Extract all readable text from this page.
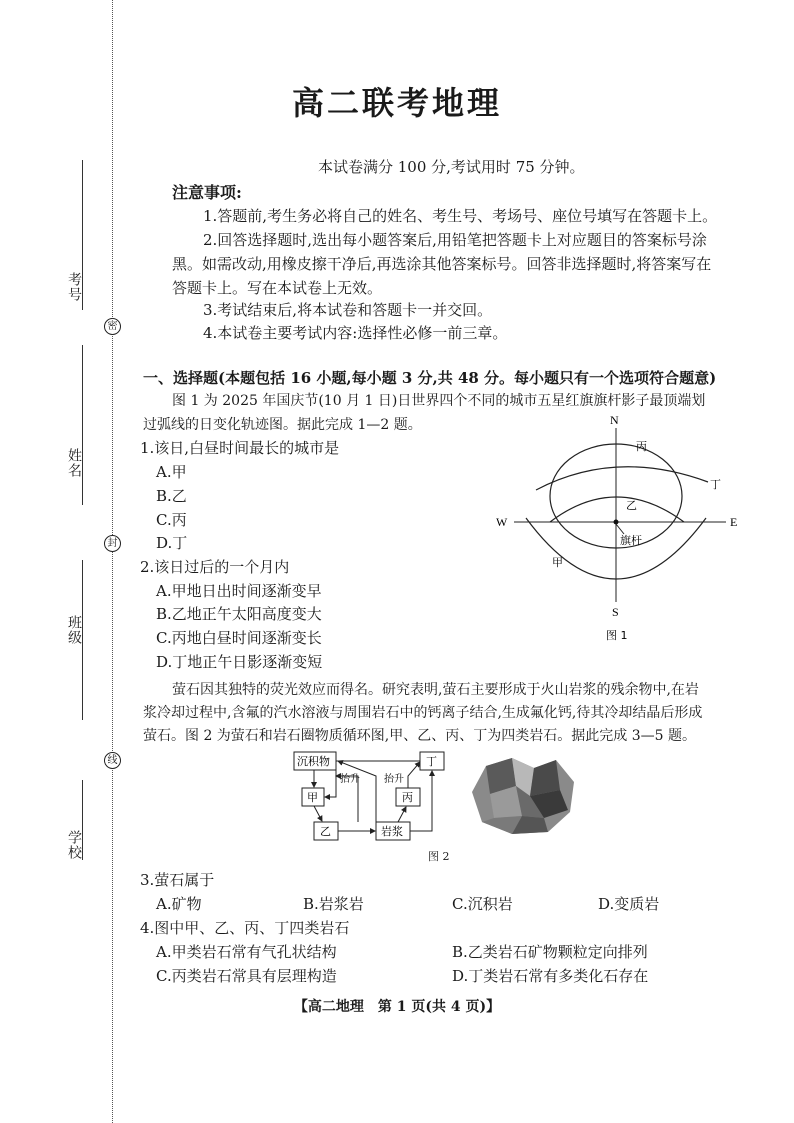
考号
密
姓名
封
班级
线
学校
高二联考地理
本试卷满分 100 分,考试用时 75 分钟。
注意事项:
1.答题前,考生务必将自己的姓名、考生号、考场号、座位号填写在答题卡上。
2.回答选择题时,选出每小题答案后,用铅笔把答题卡上对应题目的答案标号涂
黑。如需改动,用橡皮擦干净后,再选涂其他答案标号。回答非选择题时,将答案写在
答题卡上。写在本试卷上无效。
3.考试结束后,将本试卷和答题卡一并交回。
4.本试卷主要考试内容:选择性必修一前三章。
一、选择题(本题包括 16 小题,每小题 3 分,共 48 分。每小题只有一个选项符合题意)
图 1 为 2025 年国庆节(10 月 1 日)日世界四个不同的城市五星红旗旗杆影子最顶端划
过弧线的日变化轨迹图。据此完成 1—2 题。
1.该日,白昼时间最长的城市是
A.甲
B.乙
C.丙
D.丁
2.该日过后的一个月内
A.甲地日出时间逐渐变早
B.乙地正午太阳高度变大
C.丙地白昼时间逐渐变长
D.丁地正午日影逐渐变短
N
S
W	E
丙
丁
乙
甲
旗杆
图 1
萤石因其独特的荧光效应而得名。研究表明,萤石主要形成于火山岩浆的残余物中,在岩
浆冷却过程中,含氟的汽水溶液与周围岩石中的钙离子结合,生成氟化钙,待其冷却结晶后形成
萤石。图 2 为萤石和岩石圈物质循环图,甲、乙、丙、丁为四类岩石。据此完成 3—5 题。
沉积物
甲
乙
丙
丁
岩浆
抬升 抬升
图 2
3.萤石属于
A.矿物	B.岩浆岩	C.沉积岩	D.变质岩
4.图中甲、乙、丙、丁四类岩石
A.甲类岩石常有气孔状结构	B.乙类岩石矿物颗粒定向排列
C.丙类岩石常具有层理构造	D.丁类岩石常有多类化石存在
【高二地理　第 1 页(共 4 页)】
